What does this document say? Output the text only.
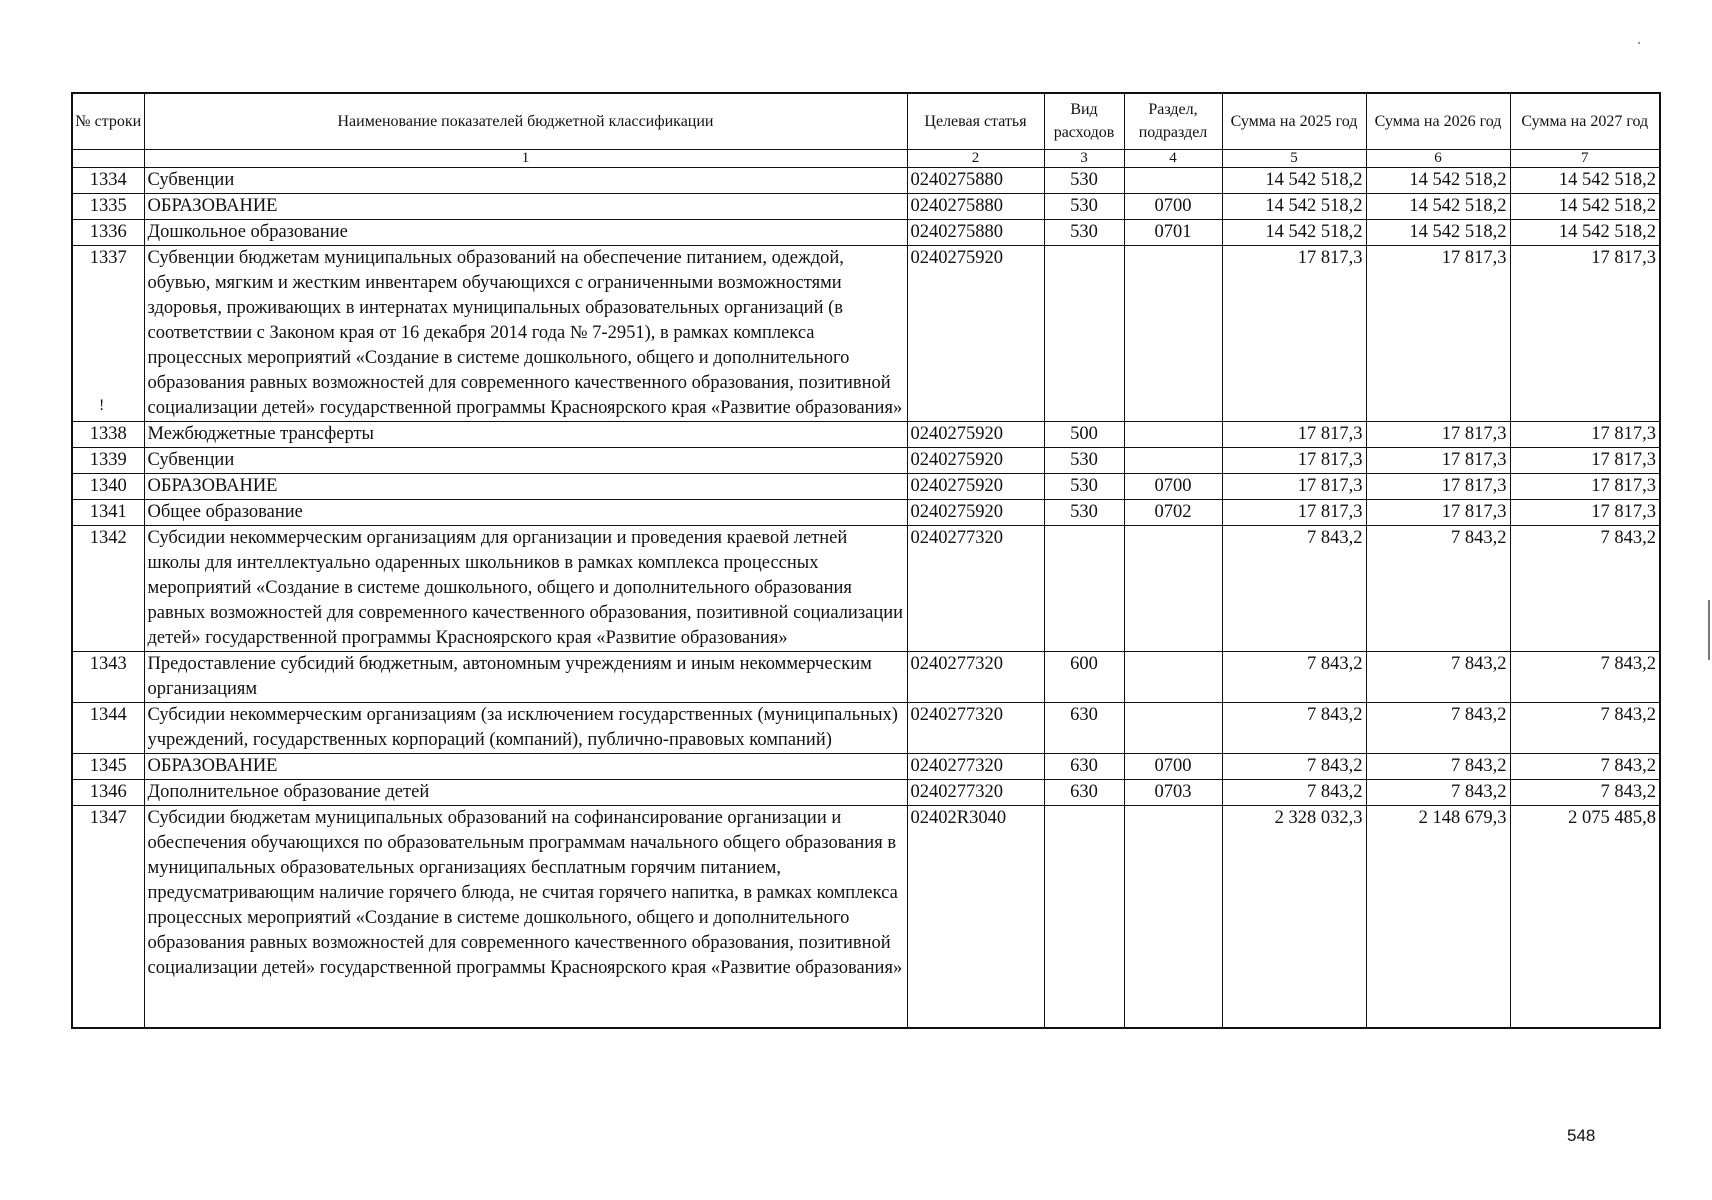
№ строки	Наименование показателей бюджетной классификации	Целевая статья	Вид расходов	Раздел, подраздел	Сумма на 2025 год	Сумма на 2026 год	Сумма на 2027 год
	1	2	3	4	5	6	7
1334	Субвенции	0240275880	530		14 542 518,2	14 542 518,2	14 542 518,2
1335	ОБРАЗОВАНИЕ	0240275880	530	0700	14 542 518,2	14 542 518,2	14 542 518,2
1336	Дошкольное образование	0240275880	530	0701	14 542 518,2	14 542 518,2	14 542 518,2
1337	Субвенции бюджетам муниципальных образований на обеспечение питанием, одеждой, обувью, мягким и жестким инвентарем обучающихся с ограниченными возможностями здоровья, проживающих в интернатах муниципальных образовательных организаций (в соответствии с Законом края от 16 декабря 2014 года № 7-2951), в рамках комплекса процессных мероприятий «Создание в системе дошкольного, общего и дополнительного образования равных возможностей для современного качественного образования, позитивной социализации детей» государственной программы Красноярского края «Развитие образования»	0240275920			17 817,3	17 817,3	17 817,3
1338	Межбюджетные трансферты	0240275920	500		17 817,3	17 817,3	17 817,3
1339	Субвенции	0240275920	530		17 817,3	17 817,3	17 817,3
1340	ОБРАЗОВАНИЕ	0240275920	530	0700	17 817,3	17 817,3	17 817,3
1341	Общее образование	0240275920	530	0702	17 817,3	17 817,3	17 817,3
1342	Субсидии некоммерческим организациям для организации и проведения краевой летней школы для интеллектуально одаренных школьников в рамках комплекса процессных мероприятий «Создание в системе дошкольного, общего и дополнительного образования равных возможностей для современного качественного образования, позитивной социализации детей» государственной программы Красноярского края «Развитие образования»	0240277320			7 843,2	7 843,2	7 843,2
1343	Предоставление субсидий бюджетным, автономным учреждениям и иным некоммерческим организациям	0240277320	600		7 843,2	7 843,2	7 843,2
1344	Субсидии некоммерческим организациям (за исключением государственных (муниципальных) учреждений, государственных корпораций (компаний), публично-правовых компаний)	0240277320	630		7 843,2	7 843,2	7 843,2
1345	ОБРАЗОВАНИЕ	0240277320	630	0700	7 843,2	7 843,2	7 843,2
1346	Дополнительное образование детей	0240277320	630	0703	7 843,2	7 843,2	7 843,2
1347	Субсидии бюджетам муниципальных образований на софинансирование организации и обеспечения обучающихся по образовательным программам начального общего образования в муниципальных образовательных организациях бесплатным горячим питанием, предусматривающим наличие горячего блюда, не считая горячего напитка, в рамках комплекса процессных мероприятий «Создание в системе дошкольного, общего и дополнительного образования равных возможностей для современного качественного образования, позитивной социализации детей» государственной программы Красноярского края «Развитие образования»	02402R3040			2 328 032,3	2 148 679,3	2 075 485,8
!
548
